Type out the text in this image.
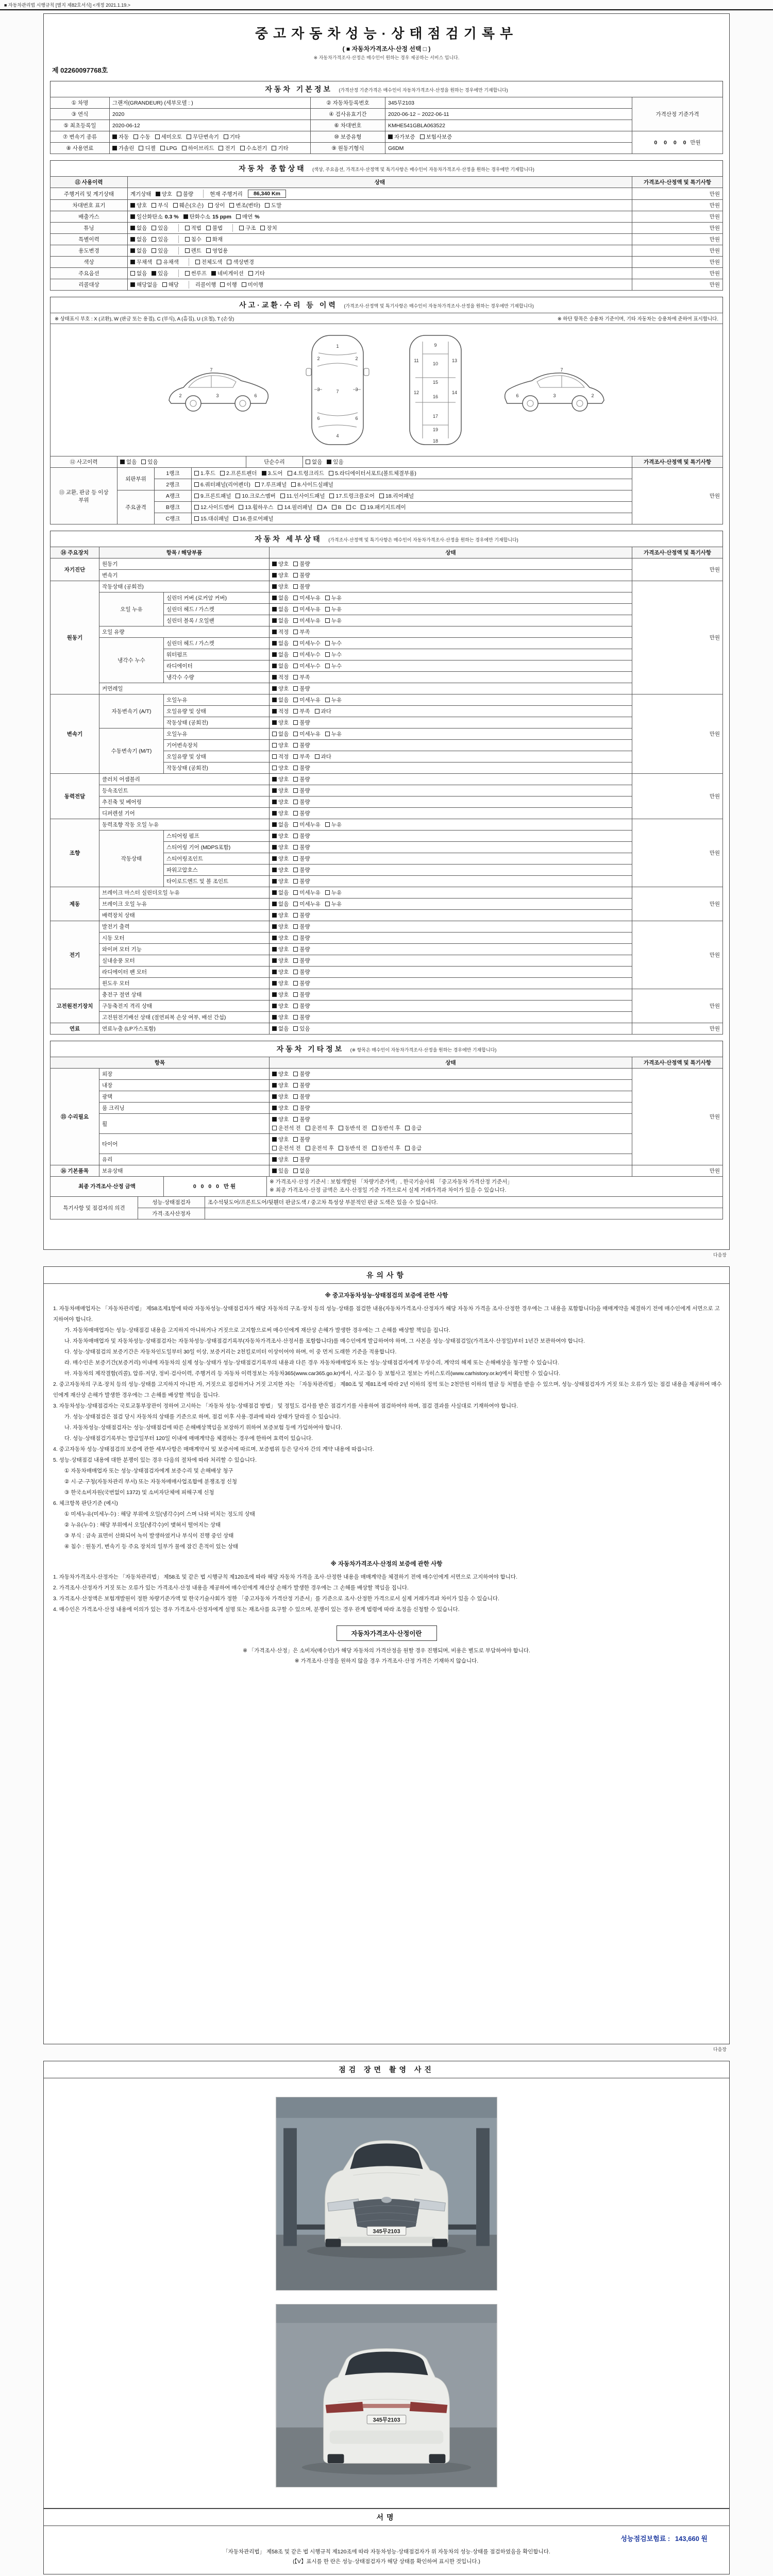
■ 자동차관리법 시행규칙 [별지 제82호서식] <개정 2021.1.19.>
중고자동차성능·상태점검기록부
( ■ 자동차가격조사·산정 선택 □ )
※ 자동차가격조사·산정은 매수인이 원하는 경우 제공하는 서비스 입니다.
제 02260097768호
자동차 기본정보 (가격산정 기준가격은 매수인이 자동차가격조사·산정을 원하는 경우에만 기재합니다)
① 차명	그랜저(GRANDEUR) (세부모델 : )	② 자동차등록번호	345무2103	가격산정 기준가격
③ 연식	2020	④ 검사유효기간	2020-06-12 ~ 2022-06-11	
⑤ 최초등록일	2020-06-12	⑥ 차대번호	KMHE541GBLA063522	
⑦ 변속기 종류	자동 수동 세미오토 무단변속기 기타	⑩ 보증유형	자가보증 보험사보증	0 0 0 0 만원
⑧ 사용연료	가솔린 디젤 LPG 하이브리드 전기 수소전기 기타	⑨ 원동기형식	G6DM	
자동차 종합상태 (색상, 주요옵션, 가격조사·산정액 및 특기사항은 매수인이 자동차가격조사·산정을 원하는 경우에만 기재합니다)
⑪ 사용이력	상태	가격조사·산정액 및 특기사항
주행거리 및 계기상태	계기상태 양호 불량 현재 주행거리 86,340 Km	만원
차대번호 표기	양호	부식	훼손(오손)	상이	변조(변타)	도말	만원
배출가스	일산화탄소 0.3 % 탄화수소 15 ppm 매연 %	만원
튜닝	없음	있음	적법	불법	구조	장치	만원
특별이력	없음 있음 침수 화재	만원
용도변경	없음 있음 렌트 영업용	만원
색상	무채색 유채색 전체도색 색상변경	만원
주요옵션	없음 있음 썬루프 네비게이션 기타	만원
리콜대상	해당없음 해당 리콜이행 이행 미이행	만원
사고·교환·수리 등 이력 (가격조사·산정액 및 특기사항은 매수인이 자동차가격조사·산정을 원하는 경우에만 기재합니다)
※ 상태표시 부호 : X (교환), W (판금 또는 용접), C (부식), A (흠집), U (요철), T (손상)	※ 하단 항목은 승용차 기준이며, 기타 자동차는 승용차에 준하여 표시합니다.
2	3	6
7
1
2	2
3	3
7
6	6
4
9
10
11	13
15
12	14
16
17
19
18
2
3
6
7
⑫ 사고이력	없음 있음	단순수리	없음 있음	가격조사·산정액 및 특기사항
⑬ 교환, 판금 등 이상 부위	외판부위	1랭크	1.후드 2.프론트펜더 3.도어 4.트렁크리드 5.라디에이터서포트(볼트체결부품)	만원
		2랭크	6.쿼터패널(리어펜더) 7.루프패널 8.사이드실패널	
	주요골격	A랭크	9.프론트패널 10.크로스멤버 11.인사이드패널 17.트렁크플로어 18.리어패널	
		B랭크	12.사이드멤버 13.휠하우스 14.필러패널 A B C 19.패키지트레이	
		C랭크	15.대쉬패널 16.플로어패널	
자동차 세부상태 (가격조사·산정액 및 특기사항은 매수인이 자동차가격조사·산정을 원하는 경우에만 기재합니다)
⑭ 주요장치	항목 / 해당부품		상태	가격조사·산정액 및 특기사항
자기진단	원동기		양호 불량	만원
	변속기		양호 불량	

원동기	작동상태 (공회전)		양호 불량	만원
	오일 누유	실린더 커버 (로커암 커버)	없음 미세누유 누유	

		실린더 헤드 / 가스켓	없음 미세누유 누유	

		실린더 블록 / 오일팬	없음 미세누유 누유	

	오일 유량		적정 부족	

	냉각수 누수	실린더 헤드 / 가스켓	없음 미세누수 누수	

		워터펌프	없음 미세누수 누수	

		라디에이터	없음 미세누수 누수	

		냉각수 수량	적정 부족	

	커먼레일		양호 불량	

변속기	자동변속기 (A/T)	오일누유	없음 미세누유 누유	만원
		오일유량 및 상태	적정 부족 과다	

		작동상태 (공회전)	양호 불량	

	수동변속기 (M/T)	오일누유	없음 미세누유 누유	

		기어변속장치	양호 불량	

		오일유량 및 상태	적정 부족 과다	

		작동상태 (공회전)	양호 불량	

동력전달	클러치 어셈블리		양호 불량	만원
	등속조인트		양호 불량	

	추진축 및 베어링		양호 불량	

	디퍼렌셜 기어		양호 불량	

조향	동력조향 작동 오일 누유		없음 미세누유 누유	만원
	작동상태	스티어링 펌프	양호 불량	

		스티어링 기어 (MDPS포함)	양호 불량	

		스티어링조인트	양호 불량	

		파워고압호스	양호 불량	

		타이로드엔드 및 볼 조인트	양호 불량	

제동	브레이크 마스터 실린더오일 누유		없음 미세누유 누유	만원
	브레이크 오일 누유		없음 미세누유 누유	

	배력장치 상태		양호 불량	

전기	발전기 출력		양호 불량	만원
	시동 모터		양호 불량	

	와이퍼 모터 기능		양호 불량	

	실내송풍 모터		양호 불량	

	라디에이터 팬 모터		양호 불량	

	윈도우 모터		양호 불량	

고전원전기장치	충전구 절연 상태		양호 불량	만원
	구동축전지 격리 상태		양호 불량	

	고전원전기배선 상태 (절연피복 손상 여부, 배선 간섭)		양호 불량	

연료	연료누출 (LP가스포함)		없음 있음	만원
자동차 기타정보 (※ 항목은 매수인이 자동차가격조사·산정을 원하는 경우에만 기재합니다)
항목		상태	가격조사·산정액 및 특기사항
⑮ 수리필요	외장	양호 불량	만원
	내장	양호 불량	

	광택	양호 불량	

	룸 크리닝	양호 불량	

휠	
양호	불량
운전석 전	운전석 후	동반석 전	동반석 후	응급

타이어	
양호	불량
운전석 전	운전석 후	동반석 전	동반석 후	응급

	유리	양호 불량	

⑯ 기본품목	보유상태	있음 없음	만원
최종 가격조사·산정 금액	0 0 0 0 만원	
※ 가격조사·산정 기준서 : 보험개발원 「차량기준가액」, 한국기술사회 「중고자동차 가격산정 기준서」
※ 최종 가격조사·산정 금액은 조사·산정일 기준 가격으로서 실제 거래가격과 차이가 있을 수 있습니다.
특기사항 및 점검자의 의견	성능·상태점검자	조수석뒷도어/프론트도어/뒷휀더 판금도색 / 중고차 특성상 부분적인 판금 도색은 있을 수 있습니다.
	가격·조사산정자	
다음장
유의사항
※ 중고자동차성능·상태점검의 보증에 관한 사항
1. 자동차매매업자는 「자동차관리법」 제58조제1항에 따라 자동차성능·상태점검자가 해당 자동차의 구조·장치 등의 성능·상태를 점검한 내용(자동차가격조사·산정자가 해당 자동차 가격을 조사·산정한 경우에는 그 내용을 포함합니다)을 매매계약을 체결하기 전에 매수인에게 서면으로 고지하여야 합니다.
가. 자동차매매업자는 성능·상태점검 내용을 고지하지 아니하거나 거짓으로 고지함으로써 매수인에게 재산상 손해가 발생한 경우에는 그 손해를 배상할 책임을 집니다.
나. 자동차매매업자 및 자동차성능·상태점검자는 자동차성능·상태점검기록부(자동차가격조사·산정서를 포함합니다)를 매수인에게 발급하여야 하며, 그 사본을 성능·상태점검일(가격조사·산정일)부터 1년간 보관하여야 합니다.
다. 성능·상태점검의 보증기간은 자동차인도일부터 30일 이상, 보증거리는 2천킬로미터 이상이어야 하며, 이 중 먼저 도래한 기준을 적용합니다.
라. 매수인은 보증기간(보증거리) 이내에 자동차의 실제 성능·상태가 성능·상태점검기록부의 내용과 다른 경우 자동차매매업자 또는 성능·상태점검자에게 무상수리, 계약의 해제 또는 손해배상을 청구할 수 있습니다.
마. 자동차의 제작결함(리콜), 압류·저당, 정비·검사이력, 주행거리 등 자동차 이력정보는 자동차365(www.car365.go.kr)에서, 사고·침수 등 보험사고 정보는 카히스토리(www.carhistory.or.kr)에서 확인할 수 있습니다.
2. 중고자동차의 구조·장치 등의 성능·상태를 고지하지 아니한 자, 거짓으로 점검하거나 거짓 고지한 자는 「자동차관리법」 제80조 및 제81조에 따라 2년 이하의 징역 또는 2천만원 이하의 벌금 등 처벌을 받을 수 있으며, 성능·상태점검자가 거짓 또는 오류가 있는 점검 내용을 제공하여 매수인에게 재산상 손해가 발생한 경우에는 그 손해를 배상할 책임을 집니다.
3. 자동차성능·상태점검자는 국토교통부장관이 정하여 고시하는 「자동차 성능·상태점검 방법」 및 정밀도 검사를 받은 점검기기를 사용하여 점검하여야 하며, 점검 결과를 사실대로 기재하여야 합니다.
가. 성능·상태점검은 점검 당시 자동차의 상태를 기준으로 하며, 점검 이후 사용·경과에 따라 상태가 달라질 수 있습니다.
나. 자동차성능·상태점검자는 성능·상태점검에 따른 손해배상책임을 보장하기 위하여 보증보험 등에 가입하여야 합니다.
다. 성능·상태점검기록부는 발급일부터 120일 이내에 매매계약을 체결하는 경우에 한하여 효력이 있습니다.
4. 중고자동차 성능·상태점검의 보증에 관한 세부사항은 매매계약서 및 보증서에 따르며, 보증범위 등은 당사자 간의 계약 내용에 따릅니다.
5. 성능·상태점검 내용에 대한 분쟁이 있는 경우 다음의 절차에 따라 처리할 수 있습니다.
① 자동차매매업자 또는 성능·상태점검자에게 보증수리 및 손해배상 청구
② 시·군·구청(자동차관리 부서) 또는 자동차매매사업조합에 분쟁조정 신청
③ 한국소비자원(국번없이 1372) 및 소비자단체에 피해구제 신청
6. 체크항목 판단기준 (예시)
① 미세누유(미세누수) : 해당 부위에 오일(냉각수)이 스며 나와 비치는 정도의 상태
② 누유(누수) : 해당 부위에서 오일(냉각수)이 맺혀서 떨어지는 상태
③ 부식 : 금속 표면이 산화되어 녹이 발생하였거나 부식이 진행 중인 상태
④ 침수 : 원동기, 변속기 등 주요 장치의 일부가 물에 잠긴 흔적이 있는 상태
※ 자동차가격조사·산정의 보증에 관한 사항
1. 자동차가격조사·산정자는 「자동차관리법」 제58조 및 같은 법 시행규칙 제120조에 따라 해당 자동차 가격을 조사·산정한 내용을 매매계약을 체결하기 전에 매수인에게 서면으로 고지하여야 합니다.
2. 가격조사·산정자가 거짓 또는 오류가 있는 가격조사·산정 내용을 제공하여 매수인에게 재산상 손해가 발생한 경우에는 그 손해를 배상할 책임을 집니다.
3. 가격조사·산정액은 보험개발원이 정한 차량기준가액 및 한국기술사회가 정한 「중고자동차 가격산정 기준서」를 기준으로 조사·산정한 가격으로서 실제 거래가격과 차이가 있을 수 있습니다.
4. 매수인은 가격조사·산정 내용에 이의가 있는 경우 가격조사·산정자에게 설명 또는 재조사를 요구할 수 있으며, 분쟁이 있는 경우 관계 법령에 따라 조정을 신청할 수 있습니다.
자동차가격조사·산정이란
※ 「가격조사·산정」은 소비자(매수인)가 해당 자동차의 가격산정을 원할 경우 진행되며, 비용은 별도로 부담하여야 합니다.
※ 가격조사·산정을 원하지 않을 경우 가격조사·산정 가격은 기재하지 않습니다.
다음장
점검 장면 촬영 사진
345무2103
345무2103
서명
성능점검보험료 : 143,660 원
「자동차관리법」 제58조 및 같은 법 시행규칙 제120조에 따라 자동차성능·상태점검자가 위 자동차의 성능·상태를 점검하였음을 확인합니다.
(【V】표시를 한 란은 성능·상태점검자가 해당 상태를 확인하여 표시한 것입니다.)
